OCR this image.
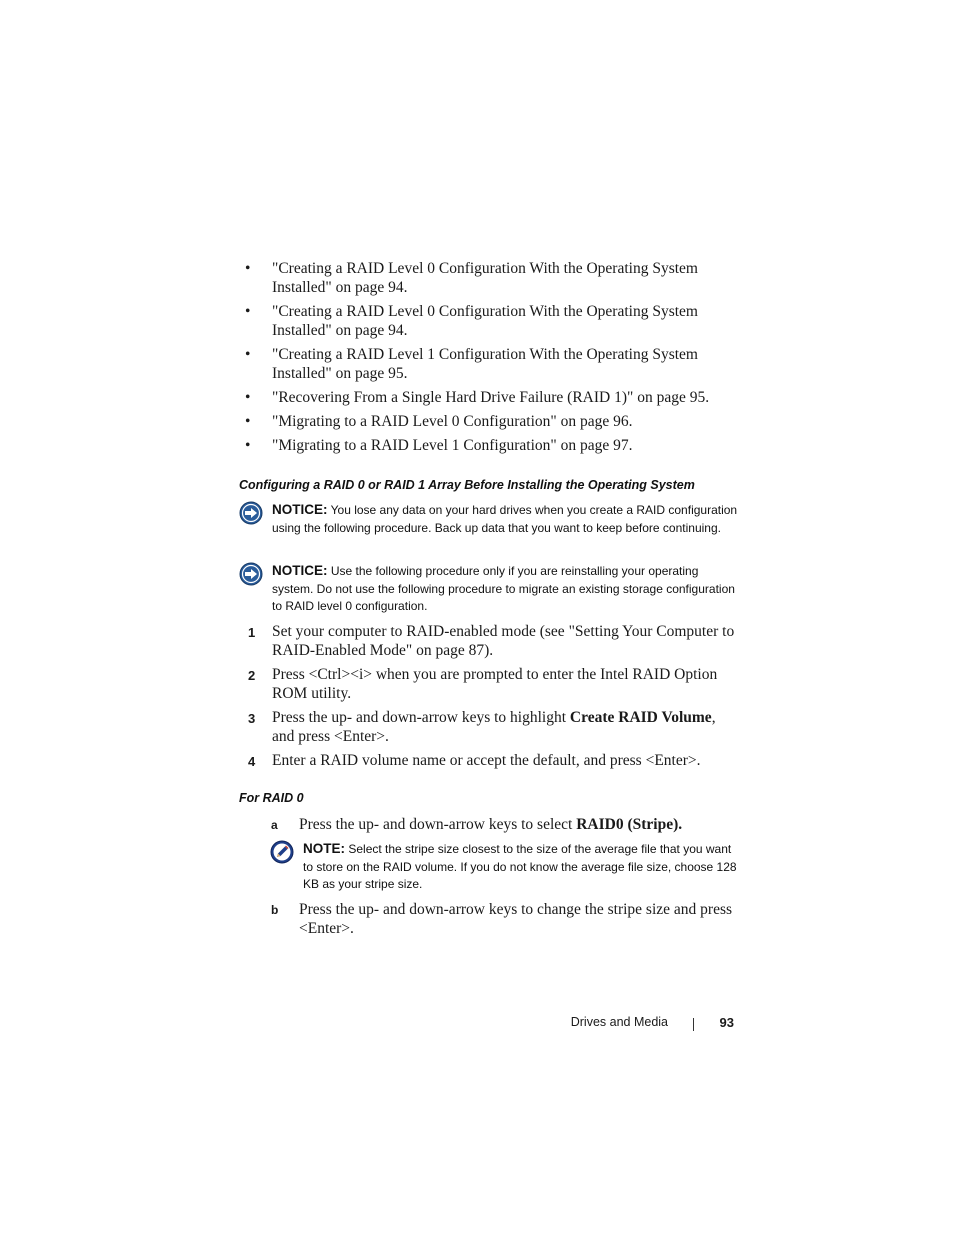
• "Creating a RAID Level 0 Configuration With the Operating System Installed" on page 94.
• "Creating a RAID Level 0 Configuration With the Operating System Installed" on page 94.
• "Creating a RAID Level 1 Configuration With the Operating System Installed" on page 95.
• "Recovering From a Single Hard Drive Failure (RAID 1)" on page 95.
• "Migrating to a RAID Level 0 Configuration" on page 96.
• "Migrating to a RAID Level 1 Configuration" on page 97.
Configuring a RAID 0 or RAID 1 Array Before Installing the Operating System
NOTICE: You lose any data on your hard drives when you create a RAID configuration using the following procedure. Back up data that you want to keep before continuing.
NOTICE: Use the following procedure only if you are reinstalling your operating system. Do not use the following procedure to migrate an existing storage configuration to RAID level 0 configuration.
1 Set your computer to RAID-enabled mode (see "Setting Your Computer to RAID-Enabled Mode" on page 87).
2 Press <Ctrl><i> when you are prompted to enter the Intel RAID Option ROM utility.
3 Press the up- and down-arrow keys to highlight Create RAID Volume, and press <Enter>.
4 Enter a RAID volume name or accept the default, and press <Enter>.
For RAID 0
a Press the up- and down-arrow keys to select RAID0 (Stripe).
NOTE: Select the stripe size closest to the size of the average file that you want to store on the RAID volume. If you do not know the average file size, choose 128 KB as your stripe size.
b Press the up- and down-arrow keys to change the stripe size and press <Enter>.
Drives and Media	93
